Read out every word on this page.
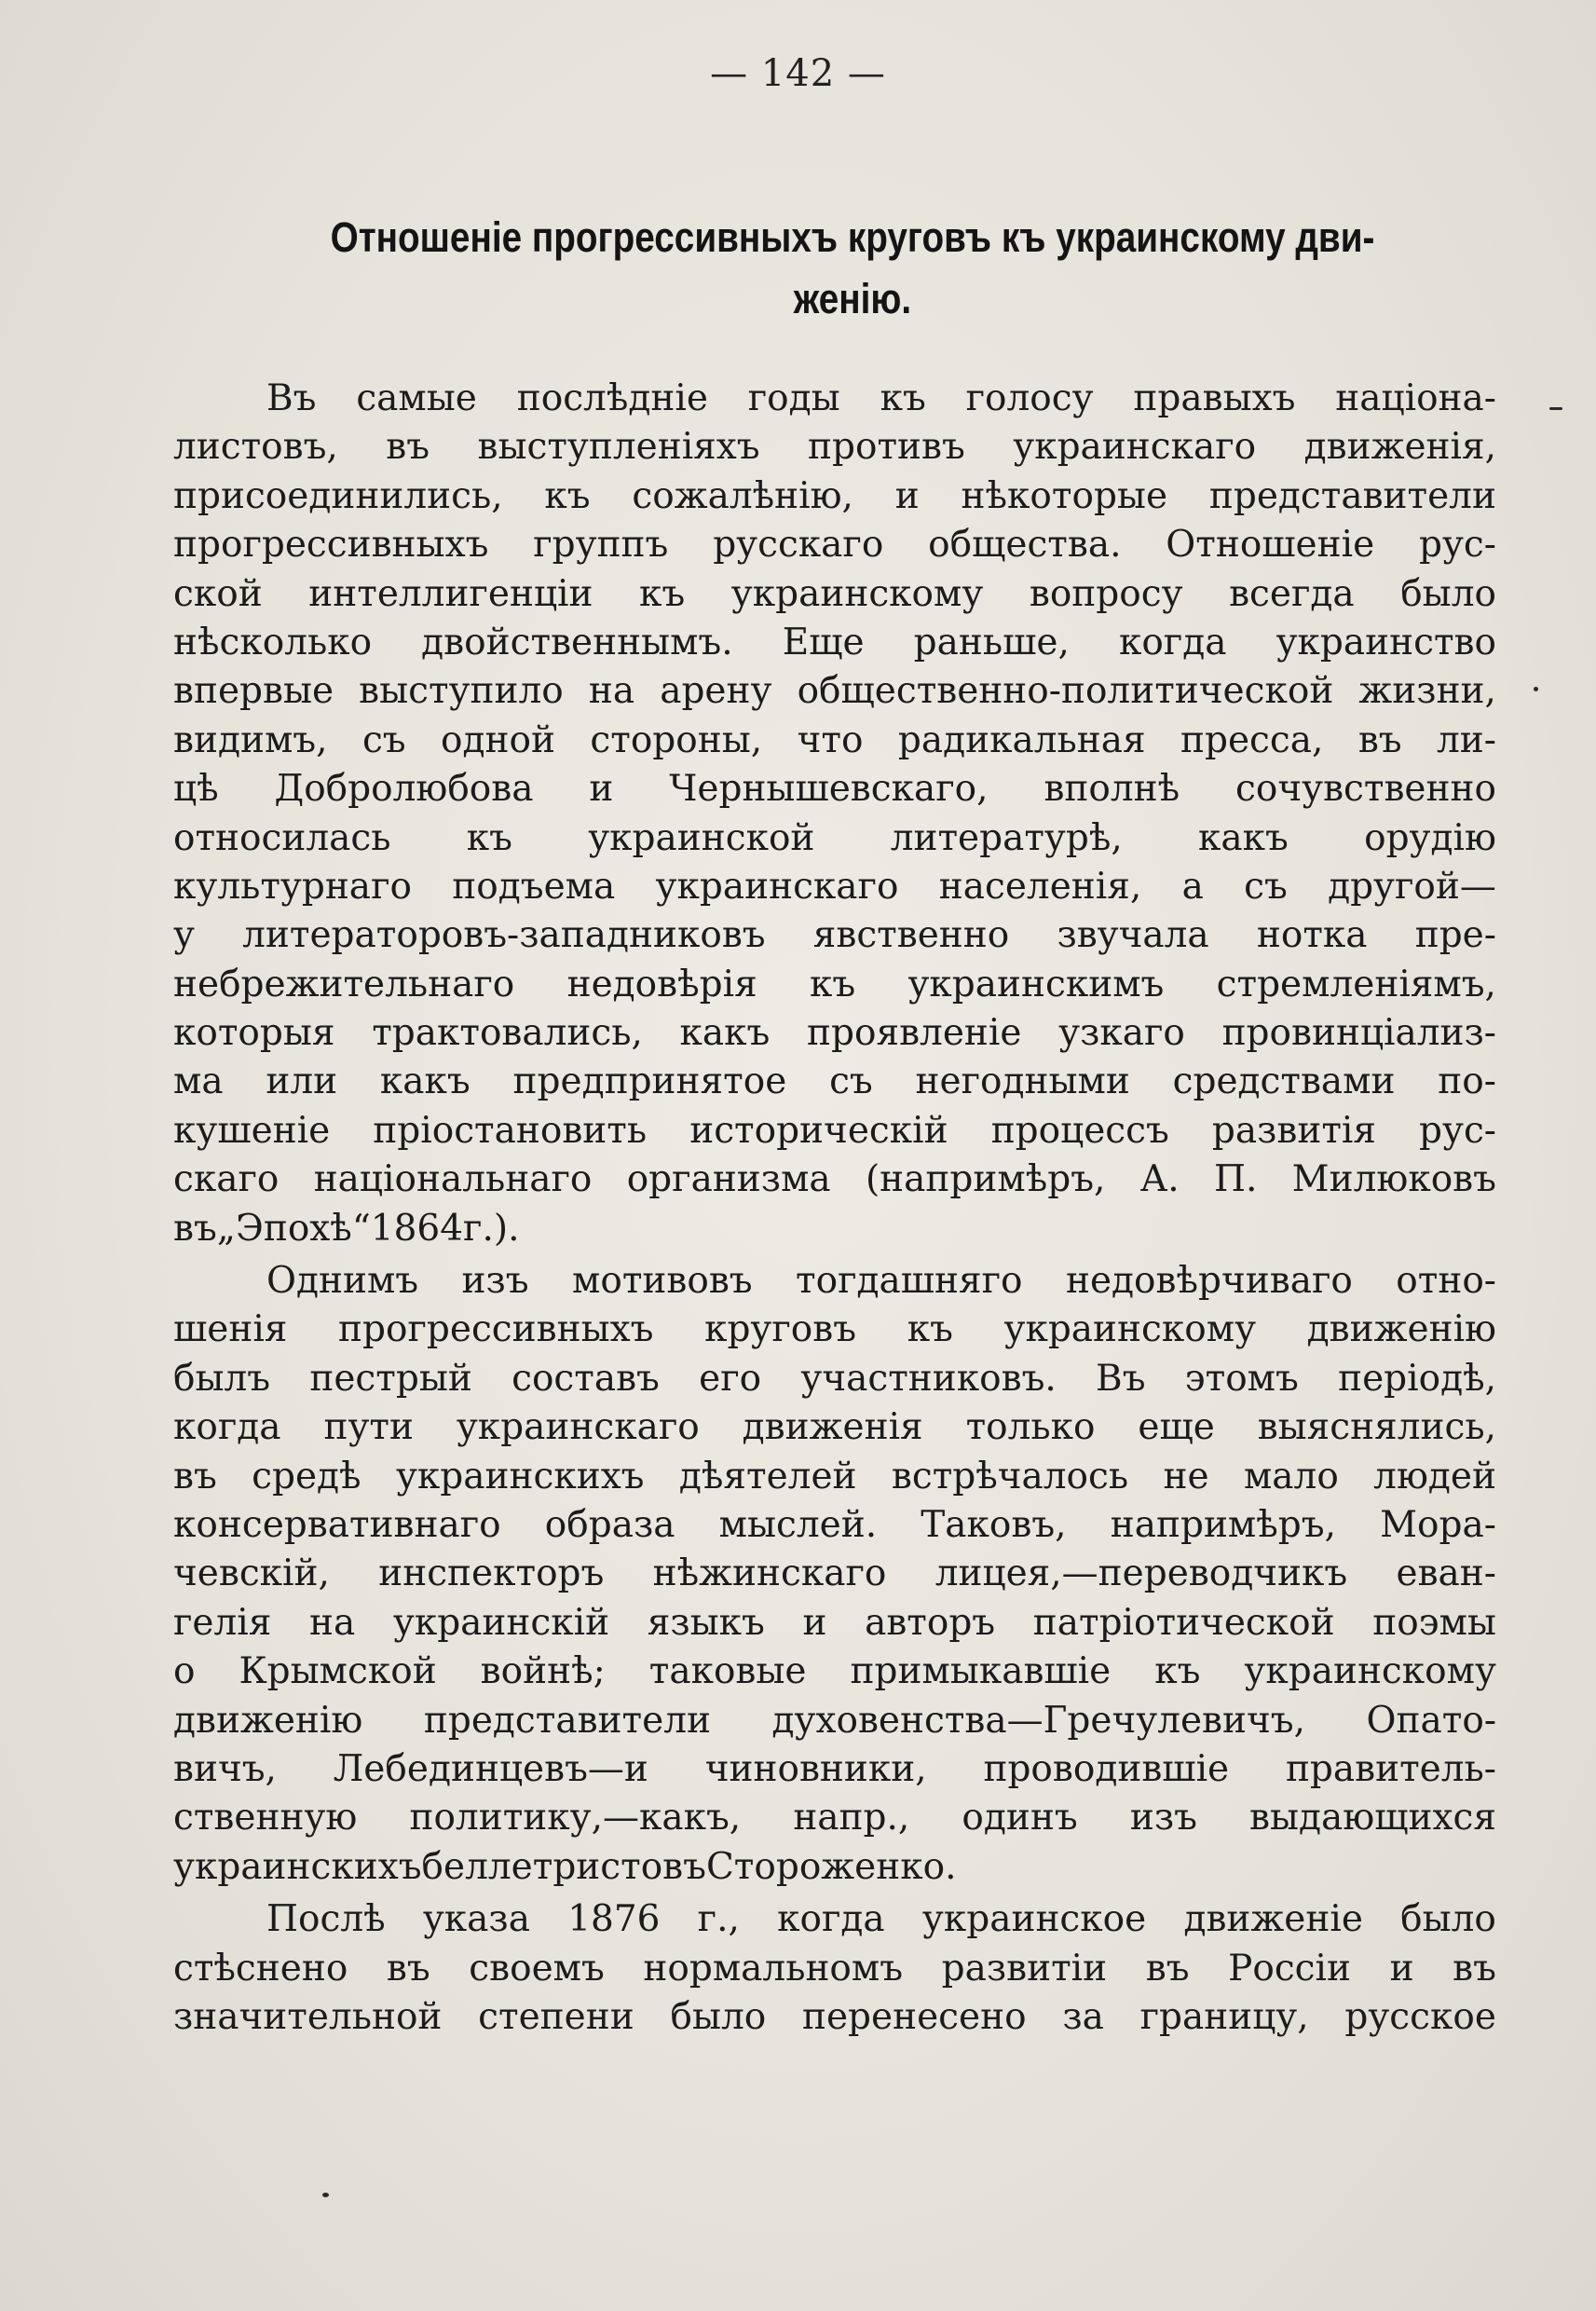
— 142 —
Отношеніе прогрессивныхъ круговъ къ украинскому дви-
женію.
Въ самые послѣдніе годы къ голосу правыхъ націона-
листовъ, въ выступленіяхъ противъ украинскаго движенія,
присоединились, къ сожалѣнію, и нѣкоторые представители
прогрессивныхъ группъ русскаго общества. Отношеніе рус-
ской интеллигенціи къ украинскому вопросу всегда было
нѣсколько двойственнымъ. Еще раньше, когда украинство
впервые выступило на арену общественно-политической жизни,
видимъ, съ одной стороны, что радикальная пресса, въ ли-
цѣ Добролюбова и Чернышевскаго, вполнѣ сочувственно
относилась къ украинской литературѣ, какъ орудію
культурнаго подъема украинскаго населенія, а съ другой—
у литераторовъ-западниковъ явственно звучала нотка пре-
небрежительнаго недовѣрія къ украинскимъ стремленіямъ,
которыя трактовались, какъ проявленіе узкаго провинціализ-
ма или какъ предпринятое съ негодными средствами по-
кушеніе пріостановить историческій процессъ развитія рус-
скаго національнаго организма (напримѣръ, А. П. Милюковъ
въ „Эпохѣ“ 1864 г.).
Однимъ изъ мотивовъ тогдашняго недовѣрчиваго отно-
шенія прогрессивныхъ круговъ къ украинскому движенію
былъ пестрый составъ его участниковъ. Въ этомъ періодѣ,
когда пути украинскаго движенія только еще выяснялись,
въ средѣ украинскихъ дѣятелей встрѣчалось не мало людей
консервативнаго образа мыслей. Таковъ, напримѣръ, Мора-
чевскій, инспекторъ нѣжинскаго лицея,—переводчикъ еван-
гелія на украинскій языкъ и авторъ патріотической поэмы
о Крымской войнѣ; таковые примыкавшіе къ украинскому
движенію представители духовенства—Гречулевичъ, Опато-
вичъ, Лебединцевъ—и чиновники, проводившіе правитель-
ственную политику,—какъ, напр., одинъ изъ выдающихся
украинскихъ беллетристовъ Стороженко.
Послѣ указа 1876 г., когда украинское движеніе было
стѣснено въ своемъ нормальномъ развитіи въ Россіи и въ
значительной степени было перенесено за границу, русское
